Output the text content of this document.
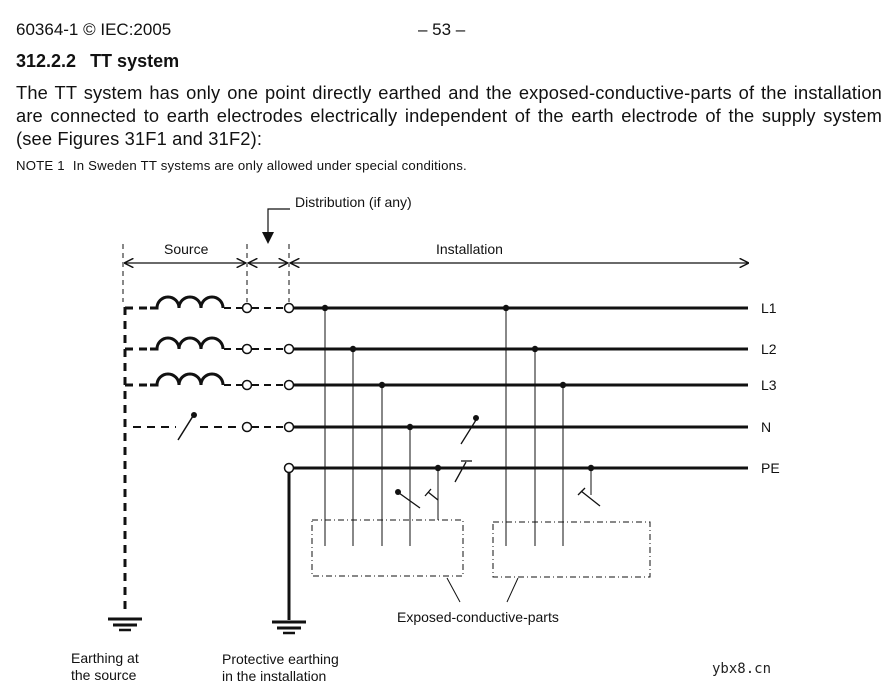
60364-1 © IEC:2005	– 53 –
312.2.2 TT system
The TT system has only one point directly earthed and the exposed-conductive-parts of the installation are connected to earth electrodes electrically independent of the earth electrode of the supply system (see Figures 31F1 and 31F2):
NOTE 1 In Sweden TT systems are only allowed under special conditions.
Distribution (if any)
Source	Installation
L1
L2
L3
N
PE
Exposed-conductive-parts
Earthing at
the source
Protective earthing
in the installation	ybx8.cn
